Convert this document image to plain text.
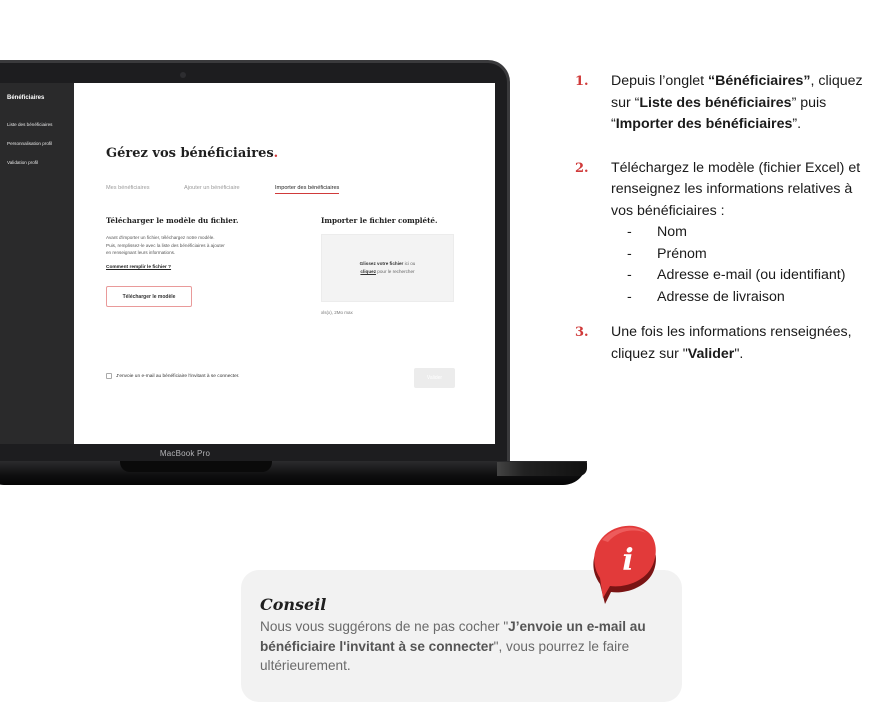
Bénéficiaires
Liste des bénéficiaires
Personnalisation profil
Validation profil
Gérez vos bénéficiaires.
Mes bénéficiaires	Ajouter un bénéficiaire	Importer des bénéficiaires
Télécharger le modèle du fichier.
Avant d'importer un fichier, téléchargez notre modèle.
Puis, remplissez-le avec la liste des bénéficiaires à ajouter
en renseignant leurs informations.
Comment remplir le fichier ?
Télécharger le modèle
Importer le fichier complété.
Glissez votre fichier ici ou
cliquez pour le rechercher
xls(x), 2Mo max
J'envoie un e-mail au bénéficiaire l'invitant à se connecter.	Valider
MacBook Pro
1. Depuis l’onglet “Bénéficiaires”, cliquez sur “Liste des bénéficiaires” puis “Importer des bénéficiaires”.
2. Téléchargez le modèle (fichier Excel) et renseignez les informations relatives à vos bénéficiaires :
- Nom
- Prénom
- Adresse e-mail (ou identifiant)
- Adresse de livraison
3. Une fois les informations renseignées, cliquez sur "Valider".
Conseil
Nous vous suggérons de ne pas cocher "J’envoie un e-mail au bénéficiaire l'invitant à se connecter", vous pourrez le faire ultérieurement.
i
